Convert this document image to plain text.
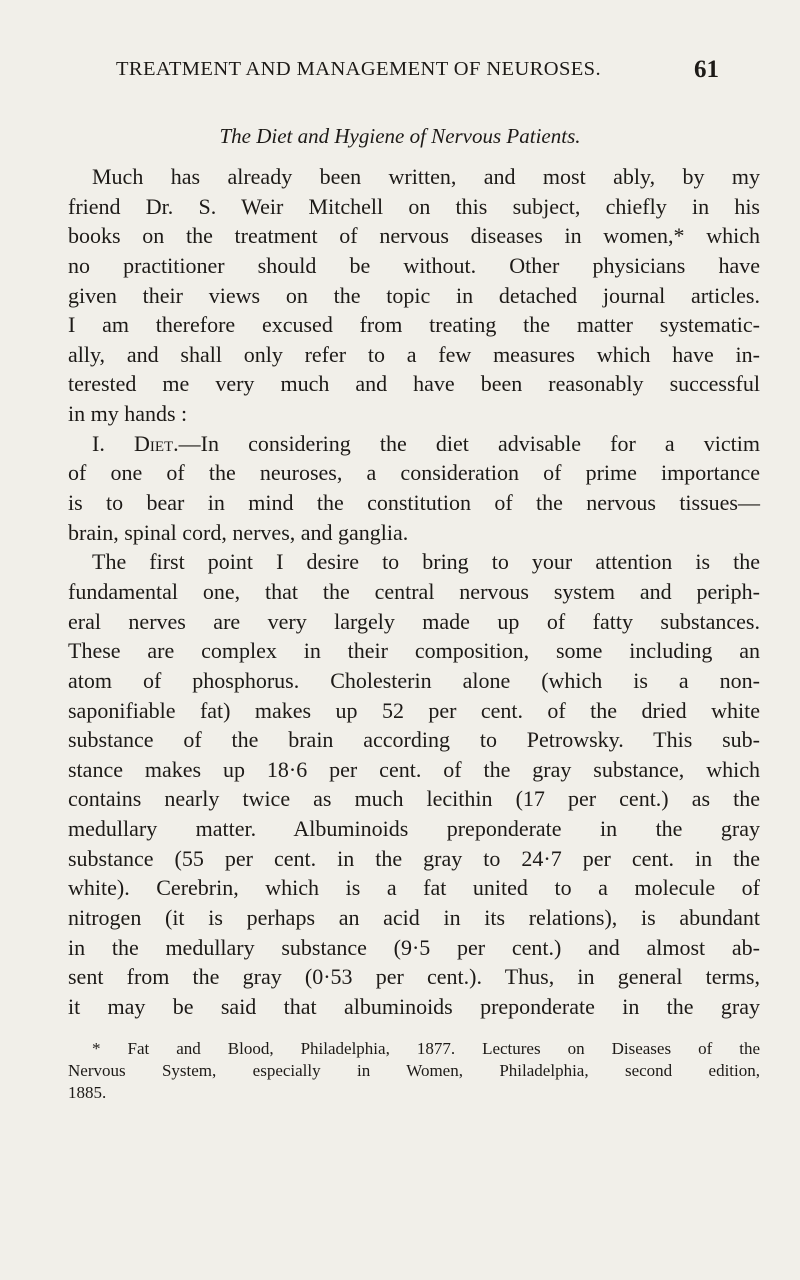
TREATMENT AND MANAGEMENT OF NEUROSES.	61
The Diet and Hygiene of Nervous Patients.
Much has already been written, and most ably, by my
friend Dr. S. Weir Mitchell on this subject, chiefly in his
books on the treatment of nervous diseases in women,* which
no practitioner should be without. Other physicians have
given their views on the topic in detached journal articles.
I am therefore excused from treating the matter systematic-
ally, and shall only refer to a few measures which have in-
terested me very much and have been reasonably successful
in my hands :
I. Diet.—In considering the diet advisable for a victim
of one of the neuroses, a consideration of prime importance
is to bear in mind the constitution of the nervous tissues—
brain, spinal cord, nerves, and ganglia.
The first point I desire to bring to your attention is the
fundamental one, that the central nervous system and periph-
eral nerves are very largely made up of fatty substances.
These are complex in their composition, some including an
atom of phosphorus. Cholesterin alone (which is a non-
saponifiable fat) makes up 52 per cent. of the dried white
substance of the brain according to Petrowsky. This sub-
stance makes up 18·6 per cent. of the gray substance, which
contains nearly twice as much lecithin (17 per cent.) as the
medullary matter. Albuminoids preponderate in the gray
substance (55 per cent. in the gray to 24·7 per cent. in the
white). Cerebrin, which is a fat united to a molecule of
nitrogen (it is perhaps an acid in its relations), is abundant
in the medullary substance (9·5 per cent.) and almost ab-
sent from the gray (0·53 per cent.). Thus, in general terms,
it may be said that albuminoids preponderate in the gray
* Fat and Blood, Philadelphia, 1877. Lectures on Diseases of the
Nervous System, especially in Women, Philadelphia, second edition,
1885.
